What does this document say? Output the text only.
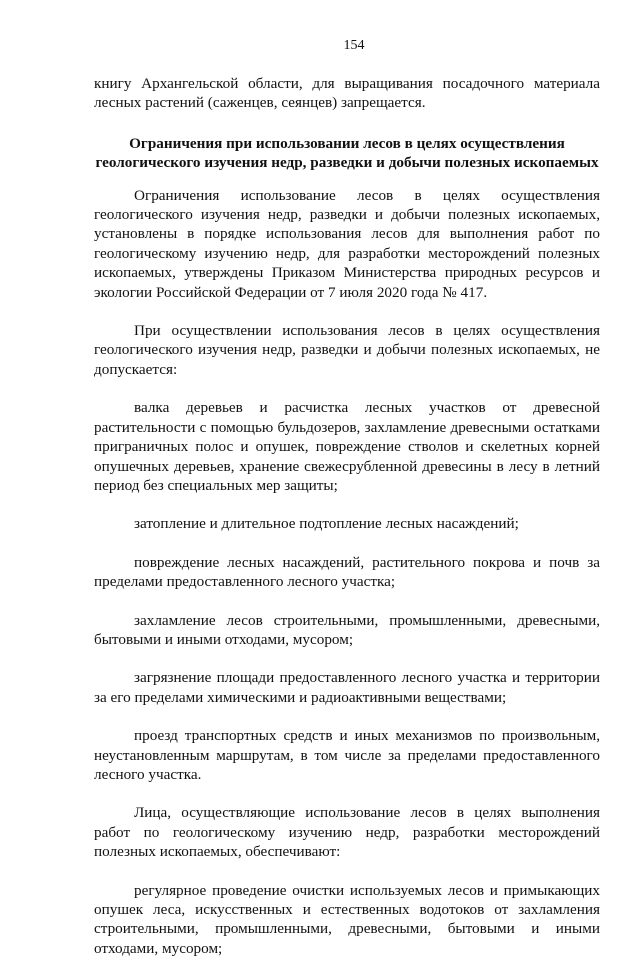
154

книгу Архангельской области, для выращивания посадочного материала лесных растений (саженцев, сеянцев) запрещается.

Ограничения при использовании лесов в целях осуществления
геологического изучения недр, разведки и добычи полезных ископаемых

Ограничения использование лесов в целях осуществления геологического изучения недр, разведки и добычи полезных ископаемых, установлены в порядке использования лесов для выполнения работ по геологическому изучению недр, для разработки месторождений полезных ископаемых, утверждены Приказом Министерства природных ресурсов и экологии Российской Федерации от 7 июля 2020 года № 417.

При осуществлении использования лесов в целях осуществления геологического изучения недр, разведки и добычи полезных ископаемых, не допускается:

валка деревьев и расчистка лесных участков от древесной растительности с помощью бульдозеров, захламление древесными остатками приграничных полос и опушек, повреждение стволов и скелетных корней опушечных деревьев, хранение свежесрубленной древесины в лесу в летний период без специальных мер защиты;

затопление и длительное подтопление лесных насаждений;

повреждение лесных насаждений, растительного покрова и почв за пределами предоставленного лесного участка;

захламление лесов строительными, промышленными, древесными, бытовыми и иными отходами, мусором;

загрязнение площади предоставленного лесного участка и территории за его пределами химическими и радиоактивными веществами;

проезд транспортных средств и иных механизмов по произвольным, неустановленным маршрутам, в том числе за пределами предоставленного лесного участка.

Лица, осуществляющие использование лесов в целях выполнения работ по геологическому изучению недр, разработки месторождений полезных ископаемых, обеспечивают:

регулярное проведение очистки используемых лесов и примыкающих опушек леса, искусственных и естественных водотоков от захламления строительными, промышленными, древесными, бытовыми и иными отходами, мусором;
